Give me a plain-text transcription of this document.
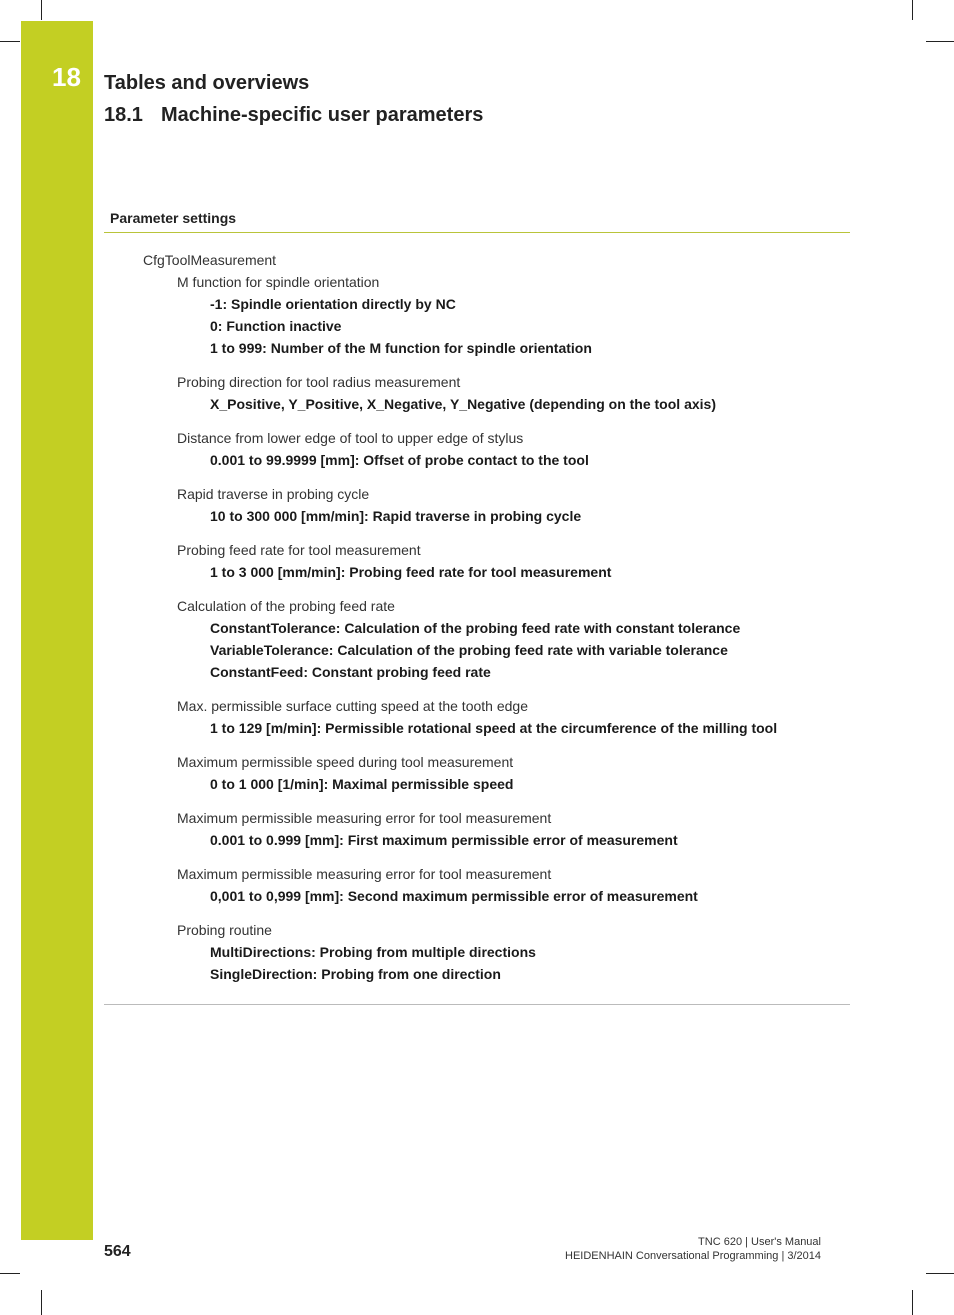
18 Tables and overviews
18.1 Machine-specific user parameters
Parameter settings
CfgToolMeasurement
M function for spindle orientation
-1: Spindle orientation directly by NC
0: Function inactive
1 to 999: Number of the M function for spindle orientation
Probing direction for tool radius measurement
X_Positive, Y_Positive, X_Negative, Y_Negative (depending on the tool axis)
Distance from lower edge of tool to upper edge of stylus
0.001 to 99.9999 [mm]: Offset of probe contact to the tool
Rapid traverse in probing cycle
10 to 300 000 [mm/min]: Rapid traverse in probing cycle
Probing feed rate for tool measurement
1 to 3 000 [mm/min]: Probing feed rate for tool measurement
Calculation of the probing feed rate
ConstantTolerance: Calculation of the probing feed rate with constant tolerance
VariableTolerance: Calculation of the probing feed rate with variable tolerance
ConstantFeed: Constant probing feed rate
Max. permissible surface cutting speed at the tooth edge
1 to 129 [m/min]: Permissible rotational speed at the circumference of the milling tool
Maximum permissible speed during tool measurement
0 to 1 000 [1/min]: Maximal permissible speed
Maximum permissible measuring error for tool measurement
0.001 to 0.999 [mm]: First maximum permissible error of measurement
Maximum permissible measuring error for tool measurement
0,001 to 0,999 [mm]: Second maximum permissible error of measurement
Probing routine
MultiDirections: Probing from multiple directions
SingleDirection: Probing from one direction
564
TNC 620 | User's Manual
HEIDENHAIN Conversational Programming | 3/2014
